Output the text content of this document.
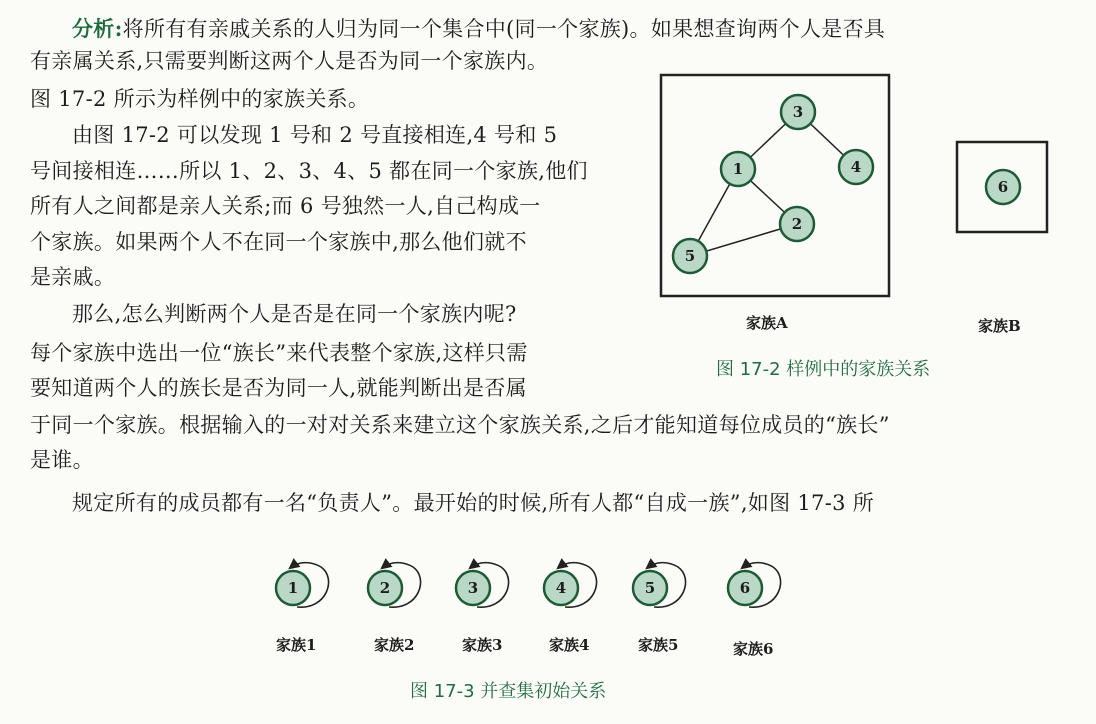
分析:将所有有亲戚关系的人归为同一个集合中(同一个家族)。如果想查询两个人是否具
有亲属关系,只需要判断这两个人是否为同一个家族内。
图 17-2 所示为样例中的家族关系。
由图 17-2 可以发现 1 号和 2 号直接相连,4 号和 5
号间接相连……所以 1、2、3、4、5 都在同一个家族,他们
所有人之间都是亲人关系;而 6 号独然一人,自己构成一
个家族。如果两个人不在同一个家族中,那么他们就不
是亲戚。
那么,怎么判断两个人是否是在同一个家族内呢?
每个家族中选出一位“族长”来代表整个家族,这样只需
要知道两个人的族长是否为同一人,就能判断出是否属
于同一个家族。根据输入的一对对关系来建立这个家族关系,之后才能知道每位成员的“族长”
是谁。
规定所有的成员都有一名“负责人”。最开始的时候,所有人都“自成一族”,如图 17-3 所
3
1	4
2
5
6
家族A	家族B
图 17-2 样例中的家族关系
1	2	3	4	5	6
家族1	家族2	家族3	家族4	家族5	家族6
图 17-3 并查集初始关系
